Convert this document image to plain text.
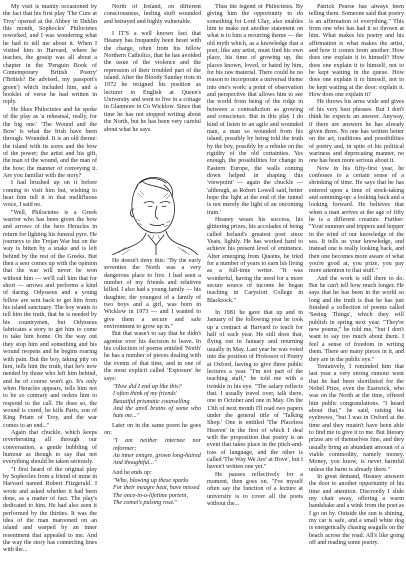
My visit is mainly occasioned by the fact that his first play 'The Cure at Troy' opened at the Abbey in Dublin this month, Sophocles' Philoctetes reworked, and I was wondering what he had to tell me about it. When I visited him in Harvard, where he teaches, the gossip was all about a chapter in the 'Penguin Book of Contemporary British Poetry' ('British? Be advised, my passport's green') which included him, and a booklet of verse he had written in reply.

He likes Philoctetes and he spoke of the play as 'a rehearsal, really, for the big one.' 'The Wound and the Bow' is what the Irish have been through. Wounded. It is an old theme: the island with its sores and the bow of the power; the artist and his gift, the man of the wound, and the man of the bow; the manner of conveying it. Are you familiar with the story?

I had brushed up on it before coming to visit him but, wishing to hear him tell it in that mellifluous voice, I said no.

"Well, Philoctetes is a Greek warrior who has been given the bow and arrows of the hero Heracles in return for lighting his funeral pyre. He journeys to the Trojan War but on the way is bitten by a snake and is left behind by the rest of the Greeks. But then a seer comes up with the opinion that the war will never be won without him — we'll call him that for short — arrows and performs a kind of daring. Odysseus and a young fellow are sent back to get him from his island sanctuary. The boy wants to tell him the truth, that he is needed by his countrymen, but Odysseus fabricates a story to get him to come to take him home. On the way out they stop him and something and his wound reopens and he begins roaring with pain. But the boy, taking pity on him, tells him the truth, that he's now needed by those who left him behind, and he of course won't go. It's only when Heracles appears, tells him not to be so contrary and orders him to respond to the call. He does so, the wound is cured, he kills Paris, son of King Priam of Troy, and the war comes to an end..."

Again that chuckle, which keeps reverberating all through our conversation, a gentle bubbling of humour as though to say that not everything should be taken seriously.

"I first heard of the original play by Sophocles from a friend of mine in Harvard named Robert Fitzgerald. I wrote and asked whether it had been done, as a matter of fact. The play's dedicated to him. He had also seen it performed by the thirties. It was the idea of the man marooned on an island and warped by an inner resentment that appealed to me. And the way the story has connecting lines with the...

North of Ireland, on different consciousness, feeling stuff wounded and betrayed and highly vulnerable.

I IT'S a well known fact that Heaney has frequently been beset with the charge, often from his fellow Northern Catholics, that he has avoided the issue of the violence and the repression of their troubled part of the island. After the Bloody Sunday riots in 1972 he resigned his position as lecturer in English at Queen's University and went to live in a cottage in Glanmore in Co Wicklow. Since that time he has not stopped writing about the North, but he has been very careful about what he says.

He doesn't deny this: "By the early seventies the North was a very dangerous place to live. I had seen a number of my friends and relatives killed. I also had a young family — his daughter, the youngest of a family of two boys and a girl, was born in Wicklow in 1973 — and I wanted to give them a secure and safe environment to grow up in."

But that wasn't to say that he didn't agonise over his decision to leave. In his collection of poems entitled 'North' he has a number of pieces dealing with the events of that time, and in one of the most explicit called 'Exposure' he says:

"How did I end up like this?
I often think of my friends'
Beautiful prismatic counselling
And the anvil brains of some who hate me..."

Later on in the same poem he goes on:

"I am neither internee nor informer;
An inner emigre, grown long-haired
And thoughtful..."

And he ends up:

"Who, blowing up these sparks
For their meagre heat, have missed
The once-in-a-lifetime portent,
The comet's pulsing rose."

Thus the legend of Philoctetes. By giving him the opportunity to do something for Lord Ulay, also enables him to make not another statement on what is to him a recurring theme — the old myth which, as a knowledge that a poet, like any artist, must find his own place, his time of growing up, the places known, loved, or hated by him, for his raw material. There could be no reason to incorporate a universal theme into one's work: a point of observation and perspective that allows him to see the world from being of the ridge in between a contradiction as growing and conscience. But in this play I do kind of listen to an agile and wounded man, a man so wounded from his island, possibly by being told the truth by the boy, possibly by a rebuke on the rigidity of the old certainties. Yes enough, the possibilities for change in Eastern Europe, the walls coming down helped in shaping this 'viewpoint' — again the chuckle — 'although, as Robert Lowell said, better hope the light at the end of the tunnel is not merely the light of an oncoming train.'

Heaney wears his success, his glittering prizes, his accolades of being called Ireland's greatest poet since Yeats, lightly. He has worked hard to achieve his present level of eminence. After emerging from Queens, he tried for a number of years to earn his living as a full-time writer. "It was wonderful, having the need for a more secure source of income he began teaching in Carysfort College in Blackrock."

In 1981 he gave that up and in January of the following year he took up a contract at Harvard to teach for half of each year. He still does that, flying out in January and returning usually in May. Last year he was voted into the position of Professor of Poetry at Oxford, having to give three public lectures a year. "I'm not part of the teaching staff," he told me with a twinkle in his eye. "The salary reflects that. I usually travel over, talk there, one in October and one in May. On the 13th of next month I'll read two papers under the general title of 'Talking Shop.' One is entitled 'The Placeless Heaven' in the first of which I deal with the proposition that poetry is an event that takes place in the pitch-and-toss of language, and the other is called 'The Way We Are' at Hove', but I haven't written one yet."

He pauses reflectively for a moment, then goes on. "I've myself often say the function of a lecture at university is to cover all the poets without the...

Patrick Pearse has always been telling them. Someone said that poetry is an affirmation of everything." This from one who has had it so thrown at him. What makes his poetry and his affirmation is what makes the artist, and how it comes from another. How does one explain it to himself? How does one explain it to himself, not to be kept waiting in the queue. How does one explain it to himself, not to be kept waiting at the door: explain it. How does one explain it?

He throws his arms wide and gives of his very best phrases. But I don't think he expects an answer. Anyway, if there are answers he has already given them. No one has written better on the art, traditions and possibilities of poetry and, in spite of his political wariness and deprecating manner, no one has been more serious about it.

Now in his fifty-first year, he confesses to a certain sense of a shrinking of time. He says that he has entered upon a time of stock-taking and summing-up: a looking back and a looking forward. He believes that when a man arrives at the age of fifty he is a different creature. Further: "Your summer and trippers and hopper in the wind of our knowledge of the sea. It tells us your knowledge, and instead one is really looking back, and then one becomes more aware of what you're good at, you prize, you pay more attention to that stuff."

And the work is still there to do. But he can't tell how much longer. He says that he has been in the world so long and the truth is that he has just finished a collection of poems called 'Seeing Things', which they will publish in spring next year. "They're new poems," he told me, "but I don't want to say too much about them. I feel a sense of freedom in writing them. There are many pieces in it, and they are in the public eye."

Tentatively, I reminded him that last year a very strong rumour went that he had been shortlisted for the Nobel Prize, even the Eastwick, who was on the North at the time, offered him public congratulations. "I heard about that," he said, raising his eyebrows, "but I was in Oxford at the time and they mustn't have been able to find me to give it to me. But literary prizes are of themselves fine, and they usually bring an abundant amount of a viable commodity, namely money. Money, you know, is never harmful unless the harm is already there."

In great demand, Heaney answers the door to another opportunity of his time and attention. Discreetly I slide my chair away, offering a warm handshake and a wink from the poet as I go on by. Outside the sun is shining, my car is safe, and a small white dog is energetically chasing seagulls on the beach across the road. All's like going off and reading some poetry.
